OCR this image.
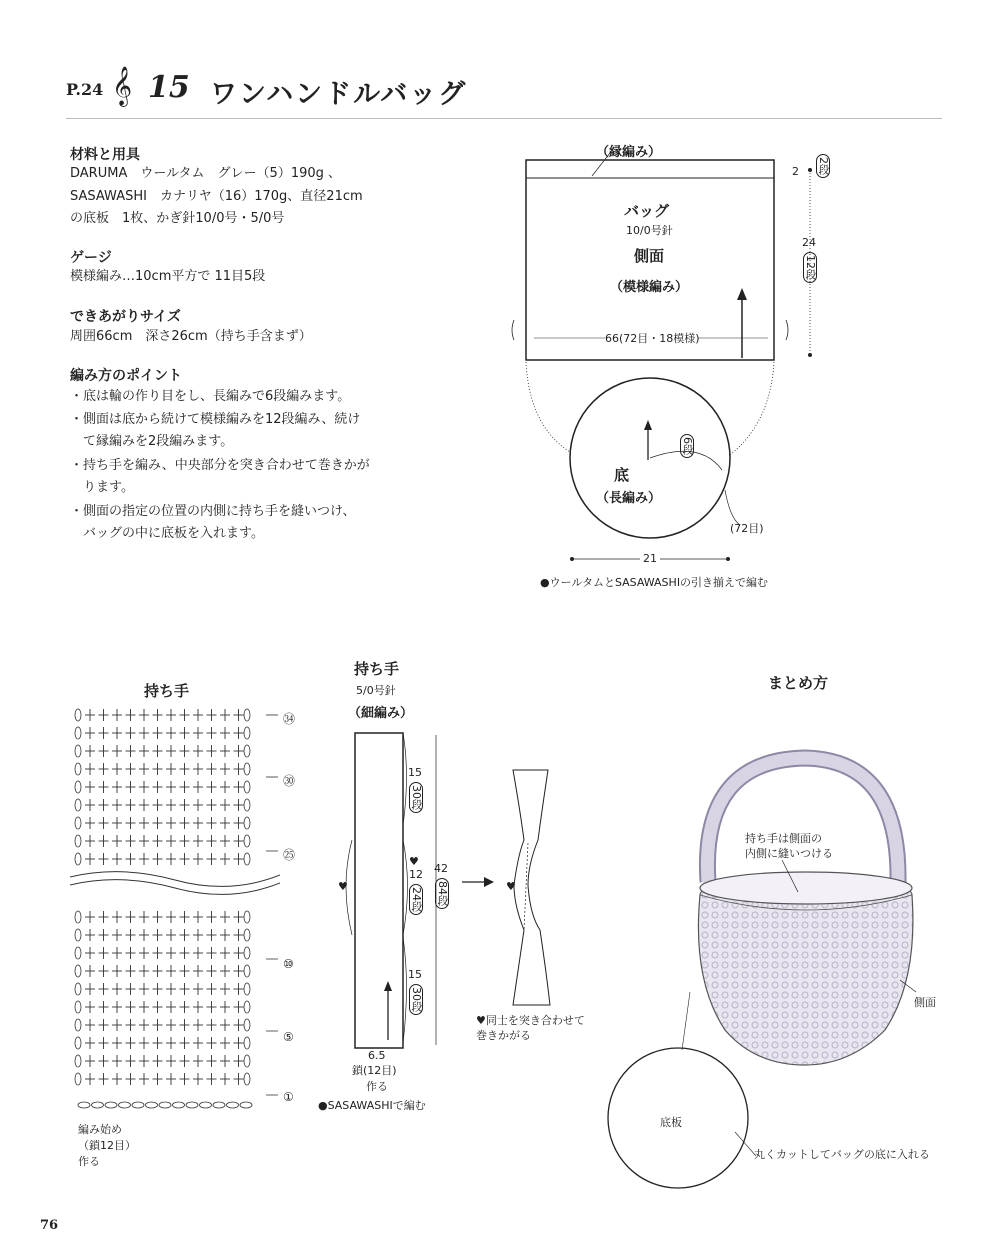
P.24 𝄞 15 ワンハンドルバッグ
材料と用具
DARUMA　ウールタム　グレー（5）190g 、
SASAWASHI　カナリヤ（16）170g、直径21cm
の底板　1枚、かぎ針10/0号・5/0号
ゲージ
模様編み…10cm平方で 11目5段
できあがりサイズ
周囲66cm　深さ26cm（持ち手含まず）
編み方のポイント
・底は輪の作り目をし、長編みで6段編みます。
・側面は底から続けて模様編みを12段編み、続け
　て縁編みを2段編みます。
・持ち手を編み、中央部分を突き合わせて巻きかが
　ります。
・側面の指定の位置の内側に持ち手を縫いつけ、
　バッグの中に底板を入れます。
（縁編み）
バッグ
10/0号針
側面
（模様編み）
66(72目・18模様)
2 2段
24
12段
底
（長編み）
6段
(72目)
21
●ウールタムとSASAWASHIの引き揃えで編む
持ち手
㉞
㉚
㉕
⑩
⑤
①
編み始め
（鎖12目）
作る
持ち手
5/0号針
（細編み）
15
30段
♥
12
24段
15
30段
42
84段
♥	♥
6.5
鎖(12目)
作る
●SASAWASHIで編む
♥同士を突き合わせて
巻きかがる
まとめ方
持ち手は側面の
内側に縫いつける
側面
底板
丸くカットしてバッグの底に入れる
76
